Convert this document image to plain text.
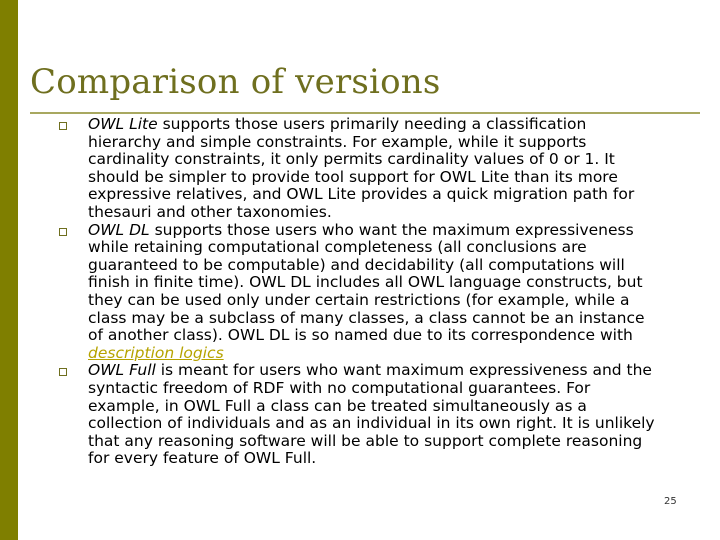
Comparison of versions
OWL Lite supports those users primarily needing a classification hierarchy and simple constraints. For example, while it supports cardinality constraints, it only permits cardinality values of 0 or 1. It should be simpler to provide tool support for OWL Lite than its more expressive relatives, and OWL Lite provides a quick migration path for thesauri and other taxonomies.
OWL DL supports those users who want the maximum expressiveness while retaining computational completeness (all conclusions are guaranteed to be computable) and decidability (all computations will finish in finite time). OWL DL includes all OWL language constructs, but they can be used only under certain restrictions (for example, while a class may be a subclass of many classes, a class cannot be an instance of another class). OWL DL is so named due to its correspondence with description logics
OWL Full is meant for users who want maximum expressiveness and the syntactic freedom of RDF with no computational guarantees. For example, in OWL Full a class can be treated simultaneously as a collection of individuals and as an individual in its own right. It is unlikely that any reasoning software will be able to support complete reasoning for every feature of OWL Full.
25
